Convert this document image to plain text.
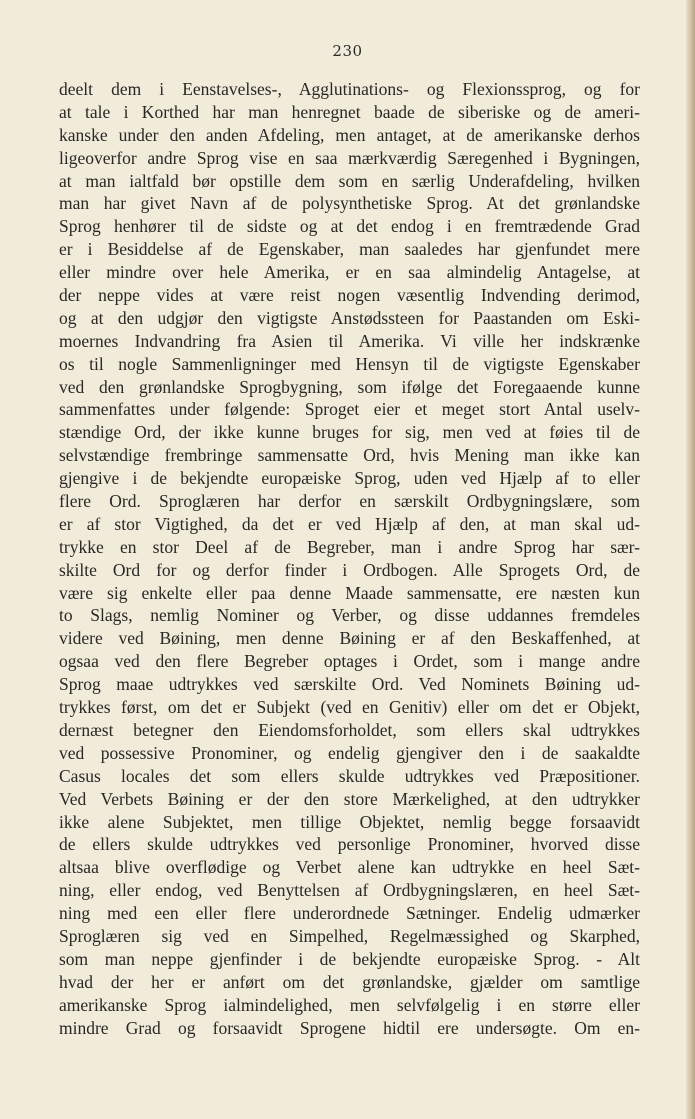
230
deelt dem i Eenstavelses-, Agglutinations- og Flexionssprog, og for
at tale i Korthed har man henregnet baade de siberiske og de ameri-
kanske under den anden Afdeling, men antaget, at de amerikanske derhos
ligeoverfor andre Sprog vise en saa mærkværdig Særegenhed i Bygningen,
at man ialtfald bør opstille dem som en særlig Underafdeling, hvilken
man har givet Navn af de polysynthetiske Sprog. At det grønlandske
Sprog henhører til de sidste og at det endog i en fremtrædende Grad
er i Besiddelse af de Egenskaber, man saaledes har gjenfundet mere
eller mindre over hele Amerika, er en saa almindelig Antagelse, at
der neppe vides at være reist nogen væsentlig Indvending derimod,
og at den udgjør den vigtigste Anstødssteen for Paastanden om Eski-
moernes Indvandring fra Asien til Amerika. Vi ville her indskrænke
os til nogle Sammenligninger med Hensyn til de vigtigste Egenskaber
ved den grønlandske Sprogbygning, som ifølge det Foregaaende kunne
sammenfattes under følgende: Sproget eier et meget stort Antal uselv-
stændige Ord, der ikke kunne bruges for sig, men ved at føies til de
selvstændige frembringe sammensatte Ord, hvis Mening man ikke kan
gjengive i de bekjendte europæiske Sprog, uden ved Hjælp af to eller
flere Ord. Sproglæren har derfor en særskilt Ordbygningslære, som
er af stor Vigtighed, da det er ved Hjælp af den, at man skal ud-
trykke en stor Deel af de Begreber, man i andre Sprog har sær-
skilte Ord for og derfor finder i Ordbogen. Alle Sprogets Ord, de
være sig enkelte eller paa denne Maade sammensatte, ere næsten kun
to Slags, nemlig Nominer og Verber, og disse uddannes fremdeles
videre ved Bøining, men denne Bøining er af den Beskaffenhed, at
ogsaa ved den flere Begreber optages i Ordet, som i mange andre
Sprog maae udtrykkes ved særskilte Ord. Ved Nominets Bøining ud-
trykkes først, om det er Subjekt (ved en Genitiv) eller om det er Objekt,
dernæst betegner den Eiendomsforholdet, som ellers skal udtrykkes
ved possessive Pronominer, og endelig gjengiver den i de saakaldte
Casus locales det som ellers skulde udtrykkes ved Præpositioner.
Ved Verbets Bøining er der den store Mærkelighed, at den udtrykker
ikke alene Subjektet, men tillige Objektet, nemlig begge forsaavidt
de ellers skulde udtrykkes ved personlige Pronominer, hvorved disse
altsaa blive overflødige og Verbet alene kan udtrykke en heel Sæt-
ning, eller endog, ved Benyttelsen af Ordbygningslæren, en heel Sæt-
ning med een eller flere underordnede Sætninger. Endelig udmærker
Sproglæren sig ved en Simpelhed, Regelmæssighed og Skarphed,
som man neppe gjenfinder i de bekjendte europæiske Sprog. - Alt
hvad der her er anført om det grønlandske, gjælder om samtlige
amerikanske Sprog ialmindelighed, men selvfølgelig i en større eller
mindre Grad og forsaavidt Sprogene hidtil ere undersøgte. Om en-
